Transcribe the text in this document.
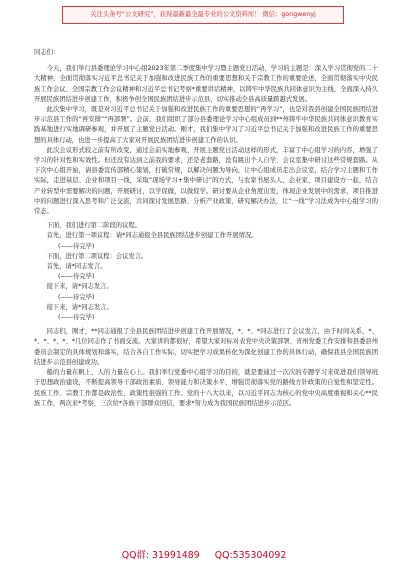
关注头条号“公文研究”，获得最新最全最专业的公文资料库！ 微信：gongwenyj

同志们：

今天，我们举行县委理论学习中心组2023年第二季度集中学习暨主题党日活动，学习的主题是：深入学习贯彻党的二十大精神，全面贯彻落实习近平总书记关于加强和改进民族工作的重要思想和关于宗教工作的重要论述，全面贯彻落实中央民族工作会议、全国宗教工作会议精神和习近平总书记考察*重要讲话精神，以铸牢中华民族共同体意识为主线，全面深入持久开展民族团结进步创建工作，积极争创全国民族团结进步示范县，切实推动全县高质量跨越式发展。

此次集中学习，既是对习近平总书记关于加强和改进民族工作的重要思想的“再学习”，也是对我县创建全国民族团结进步示范县工作的“再安排”“再部署”。会前，我们组织了部分县委理论学习中心组成员到**州铸牢中华民族共同体意识教育实践基地进行实地调研参观，并开展了主题党日活动。刚才，我们集中学习了习近平总书记关于加强和改进民族工作的重要思想的具体行动，也进一步提高了大家对开展民族团结进步创建工作的认识。

此次会议形式较之前有所改变，通过会前实地参观、开展主题党日活动这样的形式，丰富了中心组学习的内容，增强了学习的针对性和实效性。但还没有达到之前我的要求，还是老套路，没有跳出个人自学、会议室集中研讨这些常规套路。从下次中心组开始，请县委宣传部精心策划，打破常规，以解决问题为导向，让中心组成员走出会议室，结合学习主题和工作实际，走进基层、企业和项目一线，采取“现场学习+集中研讨”的方式，与农家书屋头人、企业家、项目建设方一起，结合产业转型中需要解决的问题，开展研讨，以学促做，以做促学。研讨要从企业角度出发，体现企业发展中的需求，项目推进中的问题进行深入思考和广泛交流，共同探讨发展思路、分析产业政策，研究解决办法，让“一线”学习法成为中心组学习的常态。

下面，我们进行第二阶段的议程。

首先，进行第一项议程：请*同志通报全县民族团结进步创建工作开展情况。

(——待完毕)

下面，进行第二项议程：会议发言。

首先，请*同志发言。

(——待完毕)

接下来，请*同志发言。

(——待完毕)

接下来，请*同志发言。

(——待完毕)

同志们，刚才，**同志通报了全县民族团结进步创建工作开展情况，*、*、*同志进行了会议发言，由于时间关系，*、*、*、*、*、*几位同志作了书面交流。大家讲的都很好，希望大家对标对表党中央决策部署、省州党委工作安排和县委县州委员会制定的具体规划和落实，结合各自工作实际，切实把学习成果转化为深化创建工作的具体行动，确保我县全国民族团结进步示范县创建成功。

船的力量在帆上，人的力量在心上。我们举行党委中心组学习的目的，就是要通过一次次的专题学习来促进我们领导班子思想政治建设，不断提高领导干部政治素质、领导能力和决策水平，增强贯彻落实党的路线方针政策的自觉性和坚定性。民族工作、宗教工作都是政治性、政策性很强的工作。党的十八大以来，以习近平同志为核心的党中央高度重视和关心**民族工作，两次来*考察，三次给*各族干部群众回信，要求*努力成为我国民族团结进步示范区。

QQ群: 31991489 QQ:535304092
